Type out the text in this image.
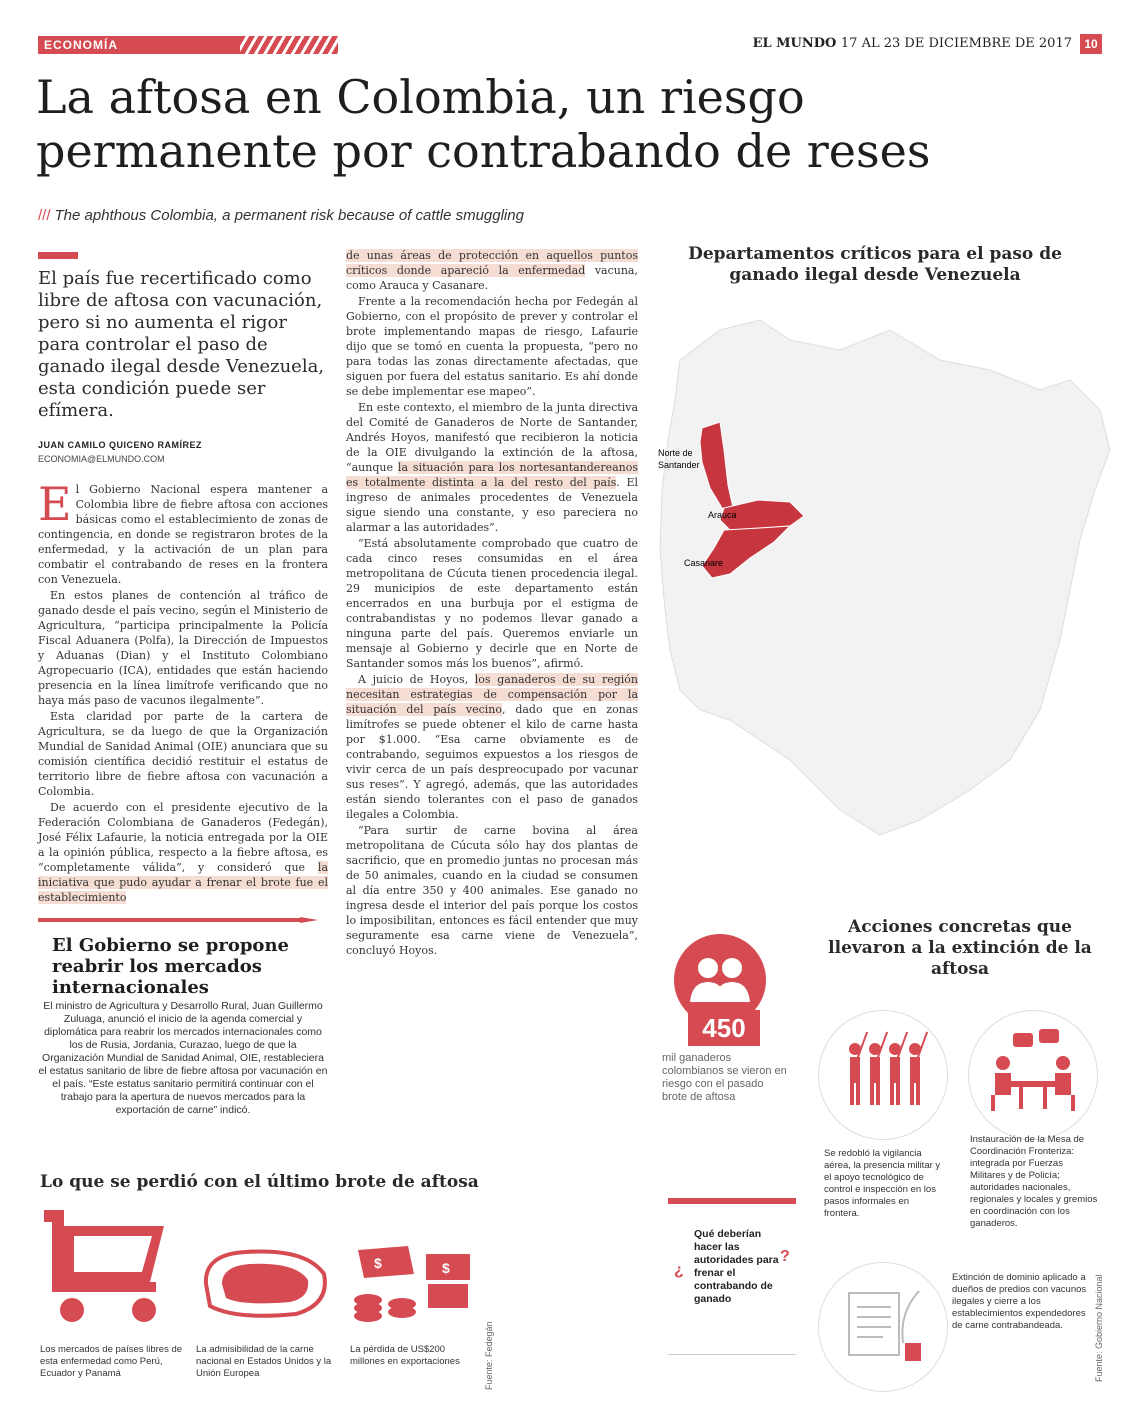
ECONOMÍA	EL MUNDO 17 AL 23 DE DICIEMBRE DE 2017	10
La aftosa en Colombia, un riesgo
permanente por contrabando de reses
/// The aphthous Colombia, a permanent risk because of cattle smuggling
El país fue recertificado como libre de aftosa con vacunación, pero si no aumenta el rigor para controlar el paso de ganado ilegal desde Venezuela, esta condición puede ser efímera.
JUAN CAMILO QUICENO RAMÍREZ
ECONOMIA@ELMUNDO.COM

El Gobierno Nacional espera mantener a Colombia libre de fiebre aftosa con acciones básicas como el establecimiento de zonas de contingencia, en donde se registraron brotes de la enfermedad, y la activación de un plan para combatir el contrabando de reses en la frontera con Venezuela.

En estos planes de contención al tráfico de ganado desde el país vecino, según el Ministerio de Agricultura, “participa principalmente la Policía Fiscal Aduanera (Polfa), la Dirección de Impuestos y Aduanas (Dian) y el Instituto Colombiano Agropecuario (ICA), entidades que están haciendo presencia en la línea limítrofe verificando que no haya más paso de vacunos ilegalmente”.

Esta claridad por parte de la cartera de Agricultura, se da luego de que la Organización Mundial de Sanidad Animal (OIE) anunciara que su comisión científica decidió restituir el estatus de territorio libre de fiebre aftosa con vacunación a Colombia.

De acuerdo con el presidente ejecutivo de la Federación Colombiana de Ganaderos (Fedegán), José Félix Lafaurie, la noticia entregada por la OIE a la opinión pública, respecto a la fiebre aftosa, es “completamente válida”, y consideró que la iniciativa que pudo ayudar a frenar el brote fue el establecimiento

de unas áreas de protección en aquellos puntos críticos donde apareció la enfermedad vacuna, como Arauca y Casanare.

Frente a la recomendación hecha por Fedegán al Gobierno, con el propósito de prever y controlar el brote implementando mapas de riesgo, Lafaurie dijo que se tomó en cuenta la propuesta, “pero no para todas las zonas directamente afectadas, que siguen por fuera del estatus sanitario. Es ahí donde se debe implementar ese mapeo”.

En este contexto, el miembro de la junta directiva del Comité de Ganaderos de Norte de Santander, Andrés Hoyos, manifestó que recibieron la noticia de la OIE divulgando la extinción de la aftosa, “aunque la situación para los nortesantandereanos es totalmente distinta a la del resto del país. El ingreso de animales procedentes de Venezuela sigue siendo una constante, y eso pareciera no alarmar a las autoridades”.

“Está absolutamente comprobado que cuatro de cada cinco reses consumidas en el área metropolitana de Cúcuta tienen procedencia ilegal. 29 municipios de este departamento están encerrados en una burbuja por el estigma de contrabandistas y no podemos llevar ganado a ninguna parte del país. Queremos enviarle un mensaje al Gobierno y decirle que en Norte de Santander somos más los buenos”, afirmó.

A juicio de Hoyos, los ganaderos de su región necesitan estrategias de compensación por la situación del país vecino, dado que en zonas limítrofes se puede obtener el kilo de carne hasta por $1.000. “Esa carne obviamente es de contrabando, seguimos expuestos a los riesgos de vivir cerca de un país despreocupado por vacunar sus reses”. Y agregó, además, que las autoridades están siendo tolerantes con el paso de ganados ilegales a Colombia.

“Para surtir de carne bovina al área metropolitana de Cúcuta sólo hay dos plantas de sacrificio, que en promedio juntas no procesan más de 50 animales, cuando en la ciudad se consumen al día entre 350 y 400 animales. Ese ganado no ingresa desde el interior del país porque los costos lo imposibilitan, entonces es fácil entender que muy seguramente esa carne viene de Venezuela”, concluyó Hoyos.

El Gobierno se propone reabrir los mercados internacionales
El ministro de Agricultura y Desarrollo Rural, Juan Guillermo Zuluaga, anunció el inicio de la agenda comercial y diplomática para reabrir los mercados internacionales como los de Rusia, Jordania, Curazao, luego de que la Organización Mundial de Sanidad Animal, OIE, restableciera el estatus sanitario de libre de fiebre aftosa por vacunación en el país. “Este estatus sanitario permitirá continuar con el trabajo para la apertura de nuevos mercados para la exportación de carne” indicó.
Departamentos críticos para el paso de ganado ilegal desde Venezuela
Norte de
Santander
Arauca
Casanare
450
mil ganaderos colombianos se vieron en riesgo con el pasado brote de aftosa
¿
?
Qué deberían hacer las autoridades para frenar el contrabando de ganado
Acciones concretas que llevaron a la extinción de la aftosa
Se redobló la vigilancia aérea, la presencia militar y el apoyo tecnológico de control e inspección en los pasos informales en frontera.
Instauración de la Mesa de Coordinación Fronteriza: integrada por Fuerzas Militares y de Policía; autoridades nacionales, regionales y locales y gremios en coordinación con los ganaderos.
Extinción de dominio aplicado a dueños de predios con vacunos ilegales y cierre a los establecimientos expendedores de carne contrabandeada.	Fuente: Gobierno Nacional
Lo que se perdió con el último brote de aftosa
Los mercados de países libres de esta enfermedad como Perú, Ecuador y Panamá
La admisibilidad de la carne nacional en Estados Unidos y la Unión Europea
$	$
La pérdida de US$200 millones en exportaciones	Fuente: Fedegán
